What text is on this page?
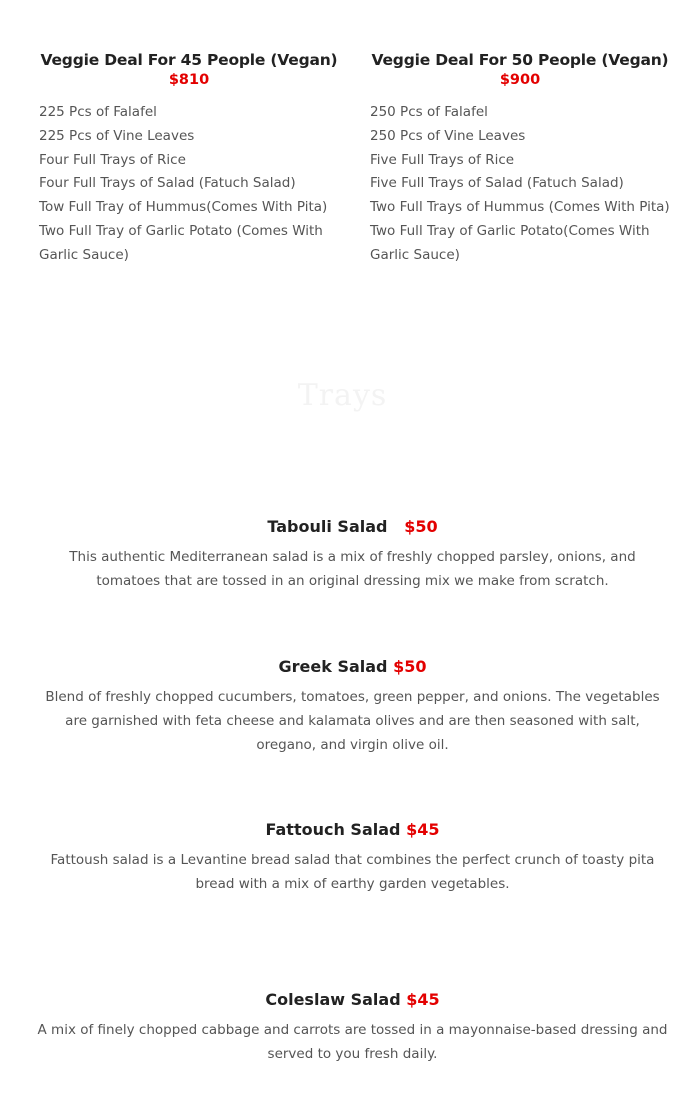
Veggie Deal For 45 People (Vegan)
$810
225 Pcs of Falafel
225 Pcs of Vine Leaves
Four Full Trays of Rice
Four Full Trays of Salad (Fatuch Salad)
Tow Full Tray of Hummus(Comes With Pita)
Two Full Tray of Garlic Potato (Comes With Garlic Sauce)
Veggie Deal For 50 People (Vegan)
$900
250 Pcs of Falafel
250 Pcs of Vine Leaves
Five Full Trays of Rice
Five Full Trays of Salad (Fatuch Salad)
Two Full Trays of Hummus (Comes With Pita)
Two Full Tray of Garlic Potato(Comes With Garlic Sauce)
Trays
Tabouli Salad $50
This authentic Mediterranean salad is a mix of freshly chopped parsley, onions, and tomatoes that are tossed in an original dressing mix we make from scratch.
Greek Salad $50
Blend of freshly chopped cucumbers, tomatoes, green pepper, and onions. The vegetables are garnished with feta cheese and kalamata olives and are then seasoned with salt, oregano, and virgin olive oil.
Fattouch Salad $45
Fattoush salad is a Levantine bread salad that combines the perfect crunch of toasty pita bread with a mix of earthy garden vegetables.
Coleslaw Salad $45
A mix of finely chopped cabbage and carrots are tossed in a mayonnaise-based dressing and served to you fresh daily.
